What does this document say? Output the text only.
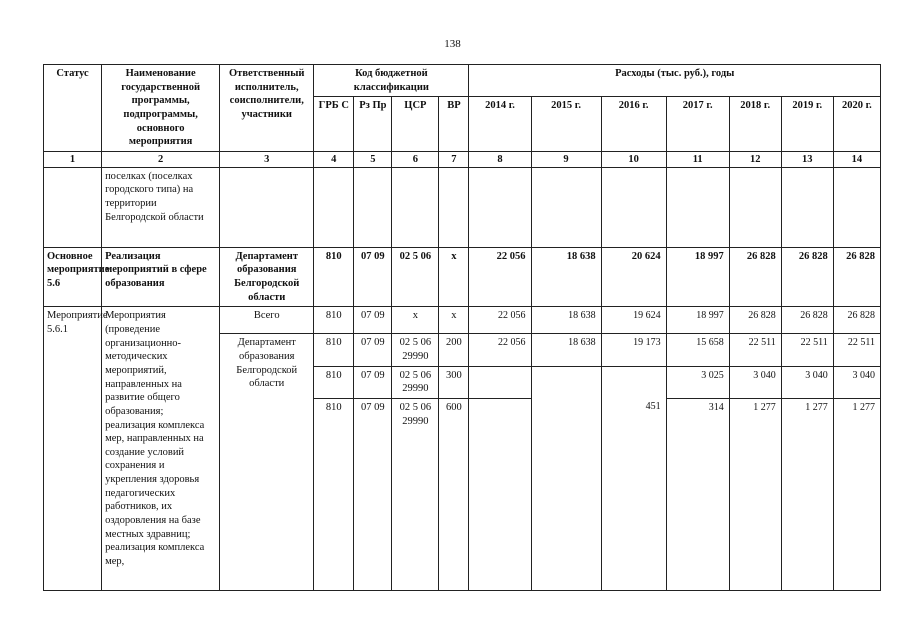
138
Статус	Наименование государственной программы, подпрограммы, основного мероприятия	Ответственный исполнитель, соисполнители, участники	Код бюджетной классификации				Расходы (тыс. руб.), годы						
			ГРБ С	Рз Пр	ЦСР	ВР	2014 г.	2015 г.	2016 г.	2017 г.	2018 г.	2019 г.	2020 г.
1	2	3	4	5	6	7	8	9	10	11	12	13	14
	поселках (поселках городского типа) на территории Белгородской области												
Основное мероприятие 5.6	Реализация мероприятий в сфере образования	Департамент образования Белгородской области	810	07 09	02 5 06	х	22 056	18 638	20 624	18 997	26 828	26 828	26 828
Мероприятие 5.6.1	Мероприятия (проведение организационно-методических мероприятий, направленных на развитие общего образования; реализация комплекса мер, направленных на создание условий сохранения и укрепления здоровья педагогических работников, их оздоровления на базе местных здравниц; реализация комплекса мер,	Всего	810	07 09	х	х	22 056	18 638	19 624	18 997	26 828	26 828	26 828
		Департамент образования Белгородской области	810	07 09	02 5 06 29990	200	22 056	18 638	19 173	15 658	22 511	22 511	22 511
			810	07 09	02 5 06 29990	300				3 025	3 040	3 040	3 040
			810	07 09	02 5 06 29990	600			451	314	1 277	1 277	1 277
